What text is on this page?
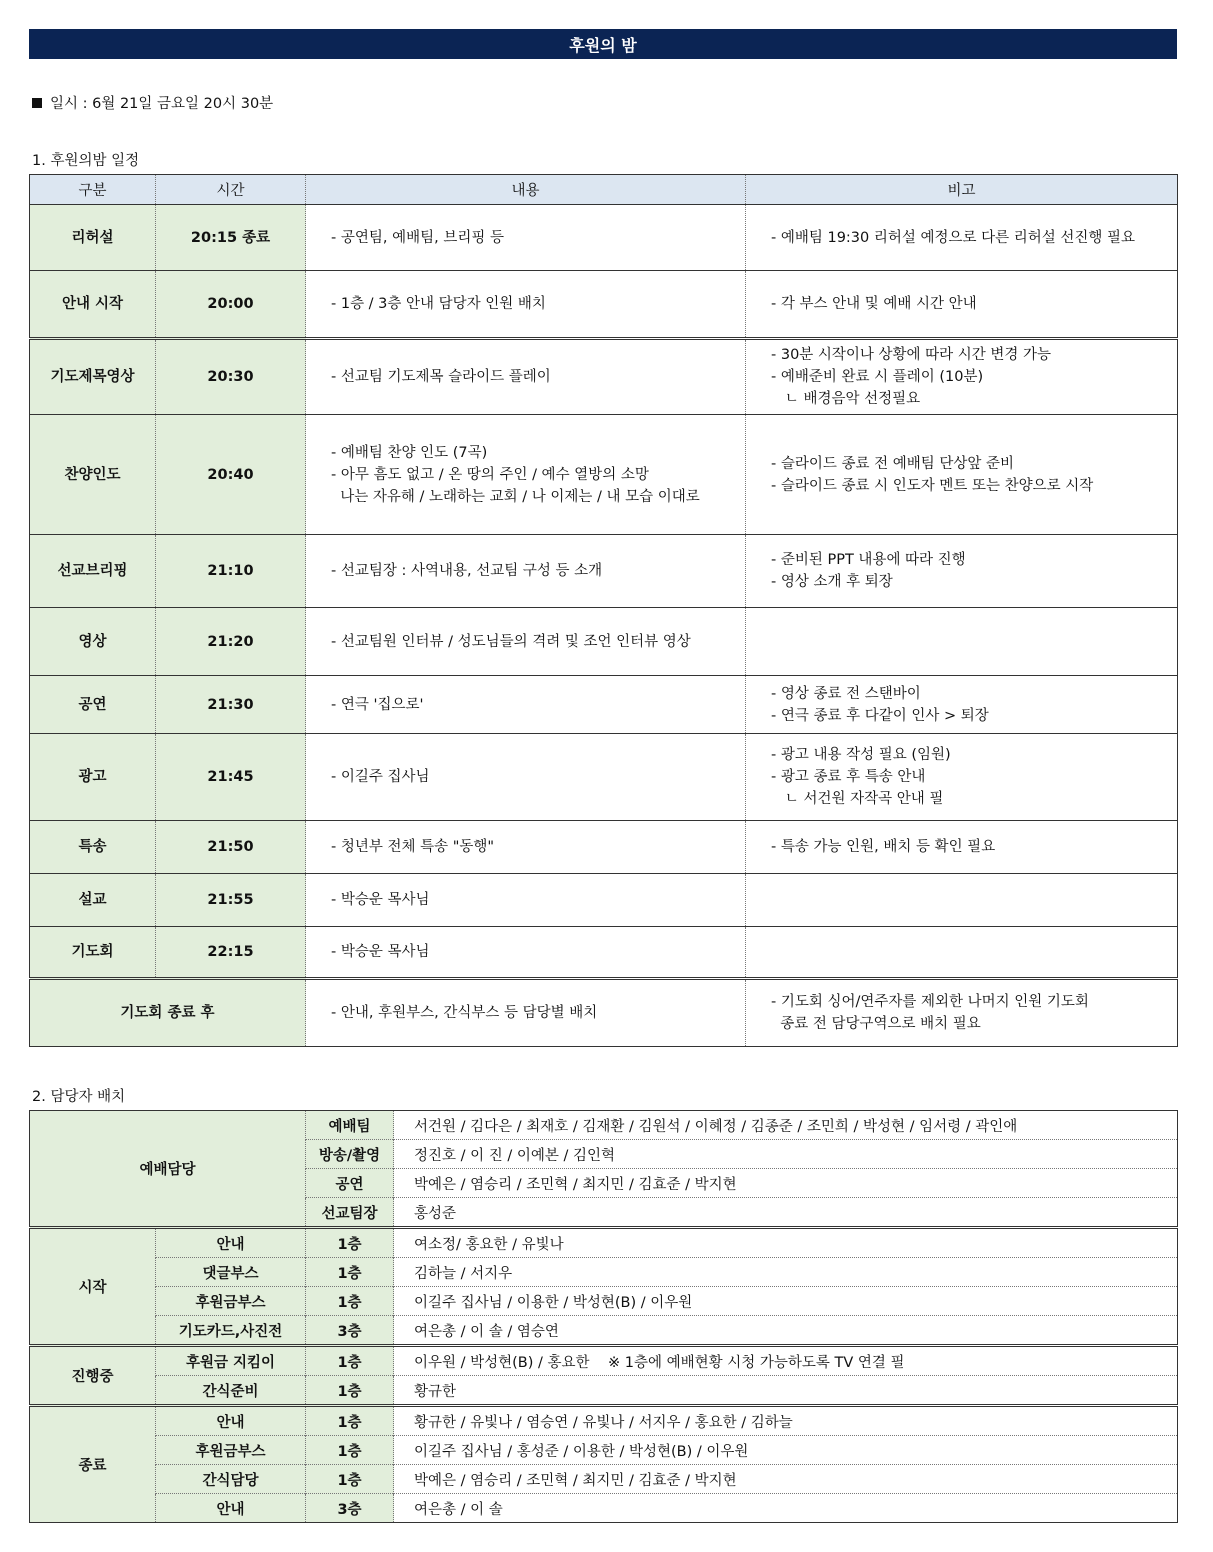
후원의 밤
일시 : 6월 21일 금요일 20시 30분
1. 후원의밤 일정
구분	시간	내용	비고
리허설	20:15 종료	- 공연팀, 예배팀, 브리핑 등	- 예배팀 19:30 리허설 예정으로 다른 리허설 선진행 필요

안내 시작	20:00	- 1층 / 3층 안내 담당자 인원 배치	- 각 부스 안내 및 예배 시간 안내

기도제목영상	20:30	- 선교팀 기도제목 슬라이드 플레이	- 30분 시작이나 상황에 따라 시간 변경 가능
- 예배준비 완료 시 플레이 (10분)
ㄴ 배경음악 선정필요

찬양인도	20:40	- 예배팀 찬양 인도 (7곡)
- 아무 흠도 없고 / 온 땅의 주인 / 예수 열방의 소망
나는 자유해 / 노래하는 교회 / 나 이제는 / 내 모습 이대로	- 슬라이드 종료 전 예배팀 단상앞 준비
- 슬라이드 종료 시 인도자 멘트 또는 찬양으로 시작

선교브리핑	21:10	- 선교팀장 : 사역내용, 선교팀 구성 등 소개	- 준비된 PPT 내용에 따라 진행
- 영상 소개 후 퇴장

영상	21:20	- 선교팀원 인터뷰 / 성도님들의 격려 및 조언 인터뷰 영상	

공연	21:30	- 연극 '집으로'	- 영상 종료 전 스탠바이
- 연극 종료 후 다같이 인사 > 퇴장

광고	21:45	- 이길주 집사님	- 광고 내용 작성 필요 (임원)
- 광고 종료 후 특송 안내
ㄴ 서건원 자작곡 안내 필

특송	21:50	- 청년부 전체 특송 "동행"	- 특송 가능 인원, 배치 등 확인 필요

설교	21:55	- 박승운 목사님	

기도회	22:15	- 박승운 목사님	

기도회 종료 후		- 안내, 후원부스, 간식부스 등 담당별 배치	- 기도회 싱어/연주자를 제외한 나머지 인원 기도회
종료 전 담당구역으로 배치 필요
2. 담당자 배치
예배담당		예배팀	서건원 / 김다은 / 최재호 / 김재환 / 김원석 / 이혜정 / 김종준 / 조민희 / 박성현 / 임서령 / 곽인애
		방송/촬영	정진호 / 이 진 / 이예본 / 김인혁
		공연	박예은 / 염승리 / 조민혁 / 최지민 / 김효준 / 박지현
		선교팀장	홍성준
시작	안내	1층	여소정/ 홍요한 / 유빛나
	댓글부스	1층	김하늘 / 서지우
	후원금부스	1층	이길주 집사님 / 이용한 / 박성현(B) / 이우원
	기도카드,사진전	3층	여은총 / 이 솔 / 염승연
진행중	후원금 지킴이	1층	이우원 / 박성현(B) / 홍요한    ※ 1층에 예배현황 시청 가능하도록 TV 연결 필
	간식준비	1층	황규한
종료	안내	1층	황규한 / 유빛나 / 염승연 / 유빛나 / 서지우 / 홍요한 / 김하늘
	후원금부스	1층	이길주 집사님 / 홍성준 / 이용한 / 박성현(B) / 이우원
	간식담당	1층	박예은 / 염승리 / 조민혁 / 최지민 / 김효준 / 박지현
	안내	3층	여은총 / 이 솔
